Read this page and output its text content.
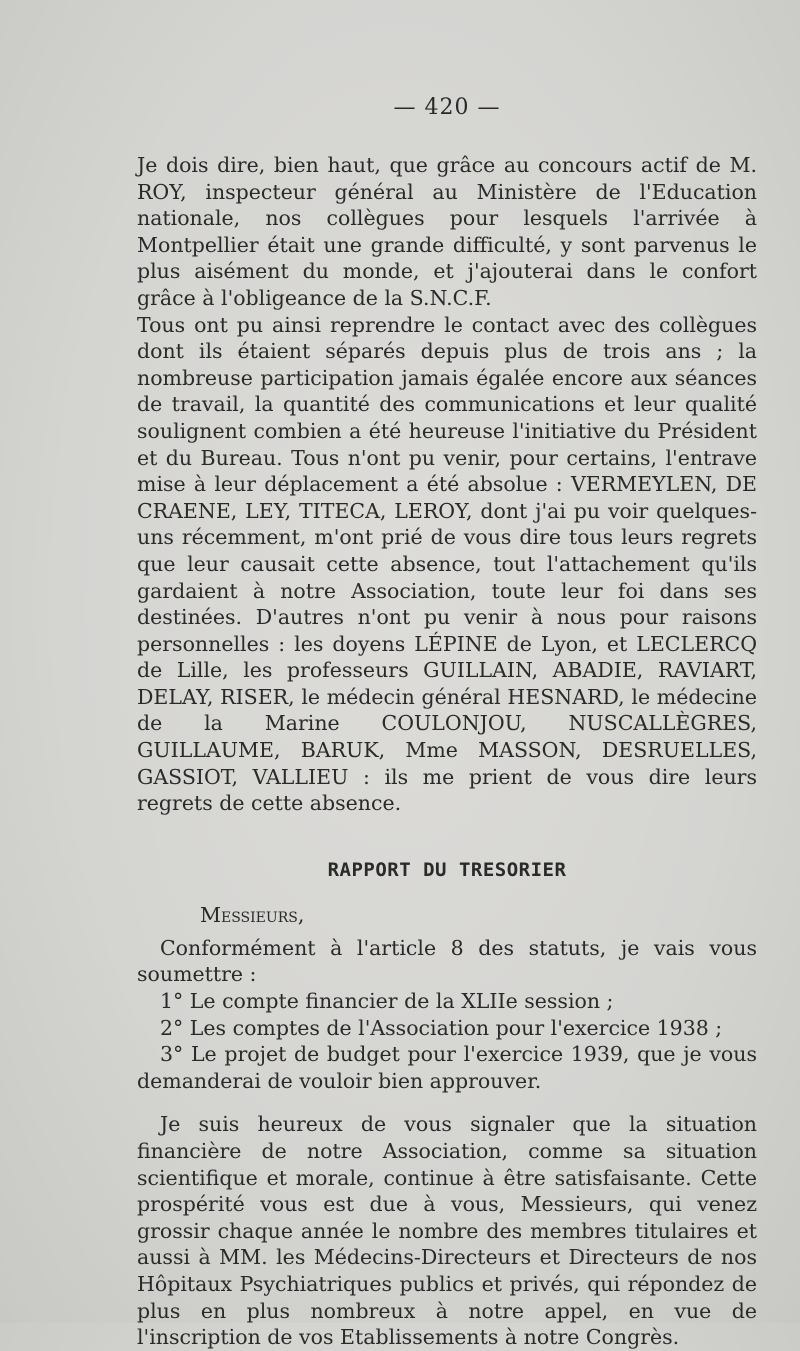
— 420 —

Je dois dire, bien haut, que grâce au concours actif de M. ROY, inspecteur général au Ministère de l'Education nationale, nos collègues pour lesquels l'arrivée à Montpellier était une grande difficulté, y sont parvenus le plus aisément du monde, et j'ajouterai dans le confort grâce à l'obligeance de la S.N.C.F.

Tous ont pu ainsi reprendre le contact avec des collègues dont ils étaient séparés depuis plus de trois ans ; la nombreuse participation jamais égalée encore aux séances de travail, la quantité des communications et leur qualité soulignent combien a été heureuse l'initiative du Président et du Bureau. Tous n'ont pu venir, pour certains, l'entrave mise à leur déplacement a été absolue : VERMEYLEN, DE CRAENE, LEY, TITECA, LEROY, dont j'ai pu voir quelques-uns récemment, m'ont prié de vous dire tous leurs regrets que leur causait cette absence, tout l'attachement qu'ils gardaient à notre Association, toute leur foi dans ses destinées. D'autres n'ont pu venir à nous pour raisons personnelles : les doyens LÉPINE de Lyon, et LECLERCQ de Lille, les professeurs GUILLAIN, ABADIE, RAVIART, DELAY, RISER, le médecin général HESNARD, le médecine de la Marine COULONJOU, NUSCALLÈGRES, GUILLAUME, BARUK, Mme MASSON, DESRUELLES, GASSIOT, VALLIEU : ils me prient de vous dire leurs regrets de cette absence.

RAPPORT DU TRESORIER
Messieurs,
Conformément à l'article 8 des statuts, je vais vous soumettre :
1° Le compte financier de la XLIIe session ;
2° Les comptes de l'Association pour l'exercice 1938 ;
3° Le projet de budget pour l'exercice 1939, que je vous demanderai de vouloir bien approuver.
Je suis heureux de vous signaler que la situation financière de notre Association, comme sa situation scientifique et morale, continue à être satisfaisante. Cette prospérité vous est due à vous, Messieurs, qui venez grossir chaque année le nombre des membres titulaires et aussi à MM. les Médecins-Directeurs et Directeurs de nos Hôpitaux Psychiatriques publics et privés, qui répondez de plus en plus nombreux à notre appel, en vue de l'inscription de vos Etablissements à notre Congrès.
